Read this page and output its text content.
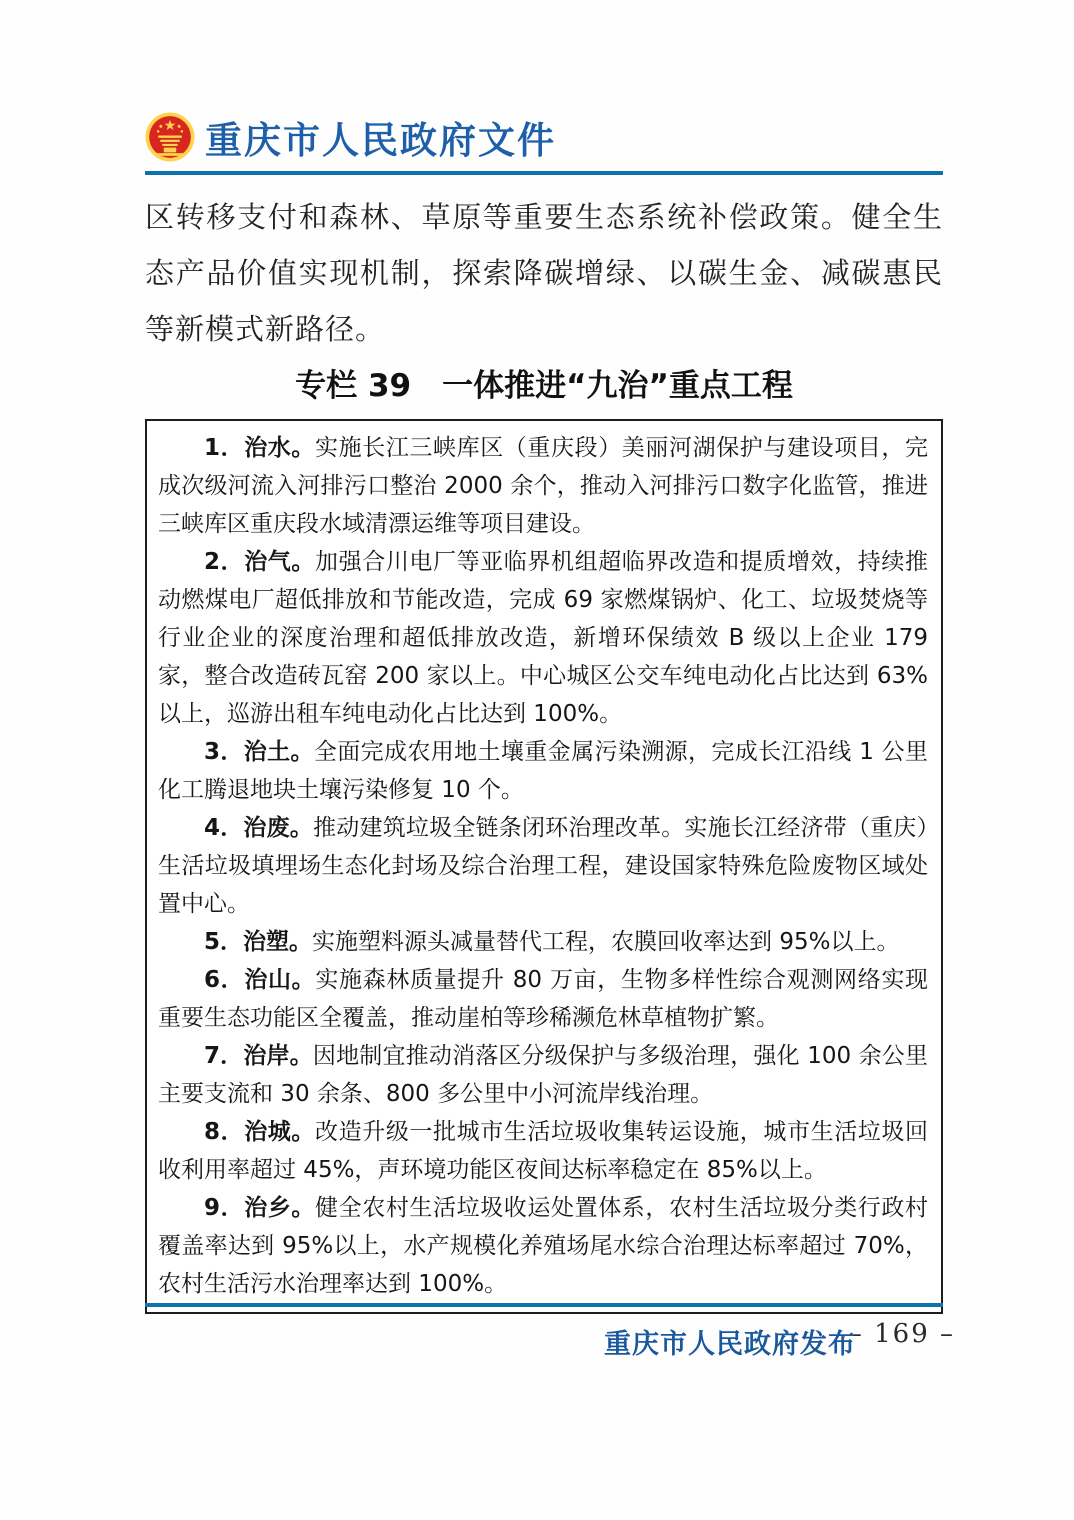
重庆市人民政府文件

区转移支付和森林、草原等重要生态系统补偿政策。健全生态产品价值实现机制，探索降碳增绿、以碳生金、减碳惠民等新模式新路径。

专栏 39　一体推进“九治”重点工程

1．治水。实施长江三峡库区（重庆段）美丽河湖保护与建设项目，完成次级河流入河排污口整治 2000 余个，推动入河排污口数字化监管，推进三峡库区重庆段水域清漂运维等项目建设。

2．治气。加强合川电厂等亚临界机组超临界改造和提质增效，持续推动燃煤电厂超低排放和节能改造，完成 69 家燃煤锅炉、化工、垃圾焚烧等行业企业的深度治理和超低排放改造，新增环保绩效 B 级以上企业 179 家，整合改造砖瓦窑 200 家以上。中心城区公交车纯电动化占比达到 63%以上，巡游出租车纯电动化占比达到 100%。

3．治土。全面完成农用地土壤重金属污染溯源，完成长江沿线 1 公里化工腾退地块土壤污染修复 10 个。

4．治废。推动建筑垃圾全链条闭环治理改革。实施长江经济带（重庆）生活垃圾填埋场生态化封场及综合治理工程，建设国家特殊危险废物区域处置中心。

5．治塑。实施塑料源头减量替代工程，农膜回收率达到 95%以上。

6．治山。实施森林质量提升 80 万亩，生物多样性综合观测网络实现重要生态功能区全覆盖，推动崖柏等珍稀濒危林草植物扩繁。

7．治岸。因地制宜推动消落区分级保护与多级治理，强化 100 余公里主要支流和 30 余条、800 多公里中小河流岸线治理。

8．治城。改造升级一批城市生活垃圾收集转运设施，城市生活垃圾回收利用率超过 45%，声环境功能区夜间达标率稳定在 85%以上。

9．治乡。健全农村生活垃圾收运处置体系，农村生活垃圾分类行政村覆盖率达到 95%以上，水产规模化养殖场尾水综合治理达标率超过 70%，农村生活污水治理率达到 100%。

– 169 –
重庆市人民政府发布
